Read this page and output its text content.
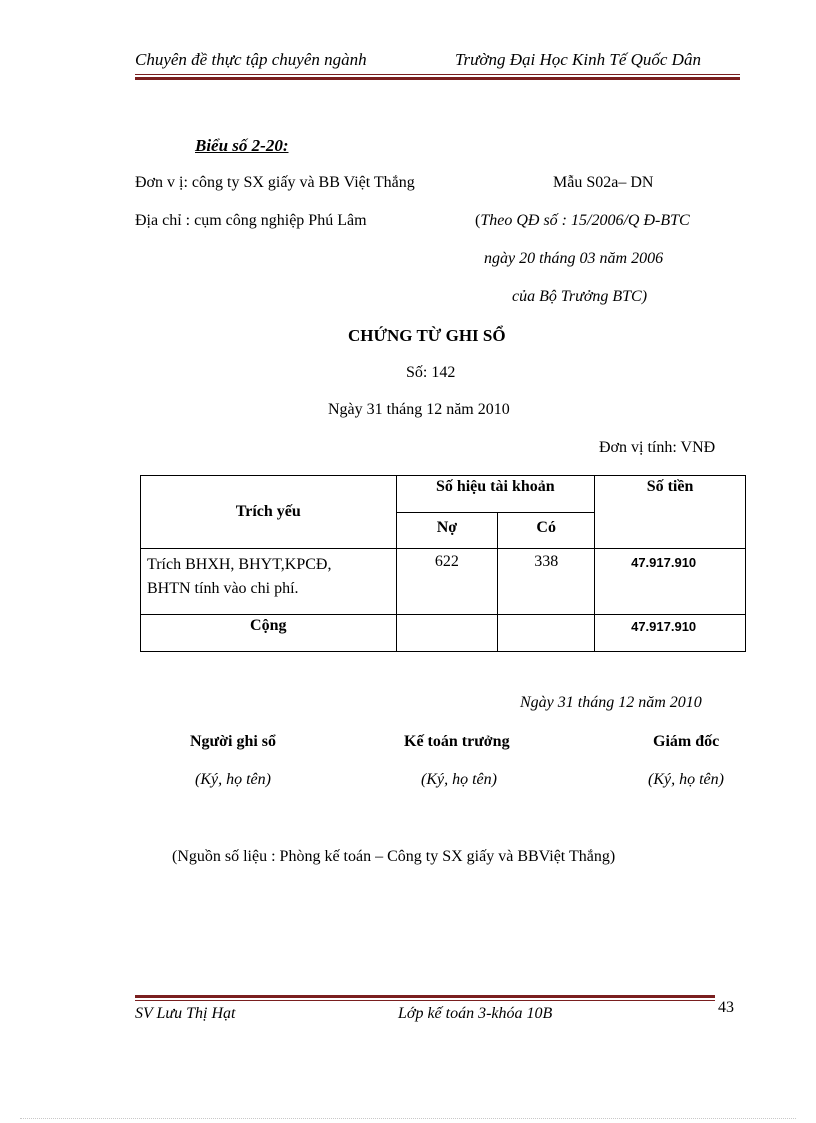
Chuyên đề thực tập chuyên ngành	Trường Đại Học Kinh Tế Quốc Dân
Biểu số 2-20:
Đơn v ị: công ty SX giấy và BB Việt Thắng	Mẫu S02a– DN
Địa chỉ : cụm công nghiệp Phú Lâm	(Theo QĐ số : 15/2006/Q Đ-BTC
ngày 20 tháng 03 năm 2006
của Bộ Trưởng BTC)
CHỨNG TỪ GHI SỔ
Số: 142
Ngày 31 tháng 12 năm 2010
Đơn vị tính: VNĐ
Trích yếu	Số hiệu tài khoản		Số tiền
	Nợ	Có	

Trích BHXH, BHYT,KPCĐ,
BHTN tính vào chi phí.	622	338	47.917.910
Cộng			47.917.910
Ngày 31 tháng 12 năm 2010
Người ghi sổ	Kế toán trưởng	Giám đốc
(Ký, họ tên)	(Ký, họ tên)	(Ký, họ tên)
(Nguồn số liệu : Phòng kế toán – Công ty SX giấy và BBViệt Thắng)
SV Lưu Thị Hạt	Lớp kế toán 3-khóa 10B	43
